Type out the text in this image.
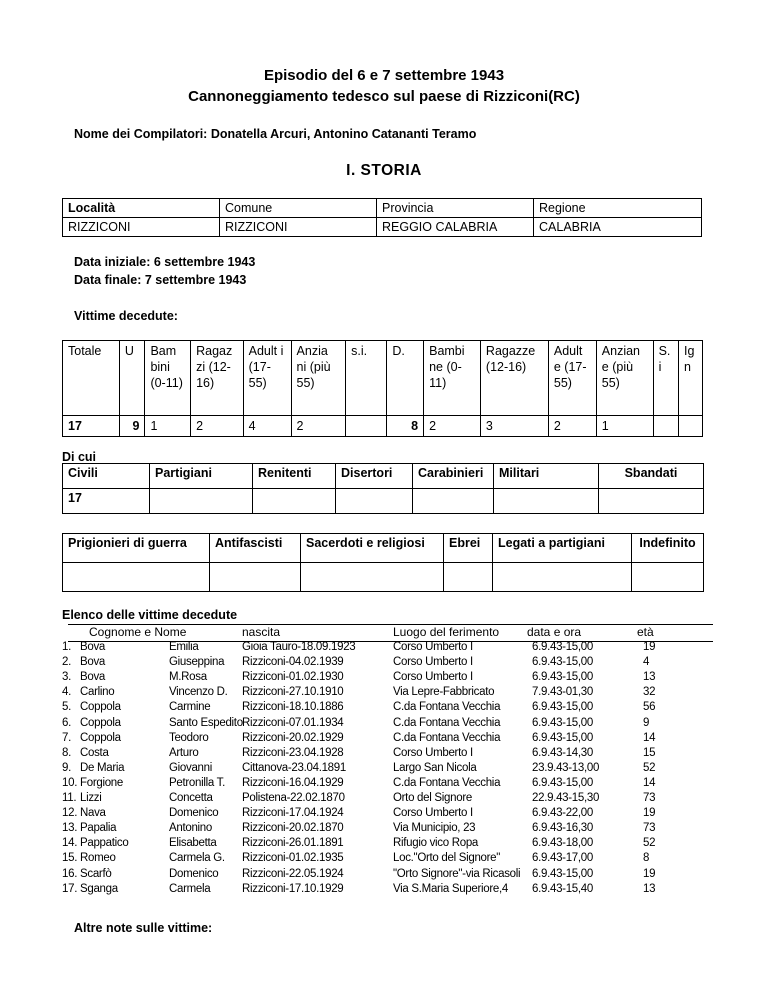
Episodio del 6 e 7 settembre 1943
Cannoneggiamento tedesco sul paese di Rizziconi(RC)
Nome dei Compilatori: Donatella Arcuri, Antonino Catananti Teramo
I. STORIA
Località	Comune	Provincia	Regione
RIZZICONI	RIZZICONI	REGGIO CALABRIA	CALABRIA
Data iniziale: 6 settembre 1943
Data finale: 7 settembre 1943
Vittime decedute:
Totale	U	Bam bini (0-11)	Ragaz zi (12-16)	Adult i (17-55)	Anzia ni (più 55)	s.i.	D.	Bambi ne (0-11)	Ragazze (12-16)	Adult e (17-55)	Anzian e (più 55)	S. i	Ig n
17	9	1	2	4	2		8	2	3	2	1		
Di cui
Civili	Partigiani	Renitenti	Disertori	Carabinieri	Militari	Sbandati
17						
Prigionieri di guerra	Antifascisti	Sacerdoti e religiosi	Ebrei	Legati a partigiani	Indefinito

Elenco delle vittime decedute
Cognome e Nome	nascita	Luogo del ferimento data e ora	età
1. Bova	Emilia	Gioia Tauro-18.09.1923	Corso Umberto I	6.9.43-15,00	19
2. Bova	Giuseppina Rizziconi-04.02.1939	Corso Umberto I	6.9.43-15,00	4
3. Bova	M.Rosa	Rizziconi-01.02.1930	Corso Umberto I	6.9.43-15,00	13
4. Carlino	Vincenzo D. Rizziconi-27.10.1910	Via Lepre-Fabbricato	7.9.43-01,30	32
5. Coppola	Carmine	Rizziconi-18.10.1886	C.da Fontana Vecchia	6.9.43-15,00	56
6. Coppola	Santo Espedito Rizziconi-07.01.1934	C.da Fontana Vecchia	6.9.43-15,00	9
7. Coppola	Teodoro	Rizziconi-20.02.1929	C.da Fontana Vecchia	6.9.43-15,00	14
8. Costa	Arturo	Rizziconi-23.04.1928	Corso Umberto I	6.9.43-14,30	15
9. De Maria	Giovanni	Cittanova-23.04.1891	Largo San Nicola	23.9.43-13,00	52
10. Forgione	Petronilla T. Rizziconi-16.04.1929	C.da Fontana Vecchia	6.9.43-15,00	14
11. Lizzi	Concetta	Polistena-22.02.1870	Orto del Signore	22.9.43-15,30	73
12. Nava	Domenico Rizziconi-17.04.1924	Corso Umberto I	6.9.43-22,00	19
13. Papalia	Antonino	Rizziconi-20.02.1870	Via Municipio, 23	6.9.43-16,30	73
14. Pappatico	Elisabetta Rizziconi-26.01.1891	Rifugio vico Ropa	6.9.43-18,00	52
15. Romeo	Carmela G. Rizziconi-01.02.1935	Loc."Orto del Signore"	6.9.43-17,00	8
16. Scarfò	Domenico Rizziconi-22.05.1924	"Orto Signore"-via Ricasoli 6.9.43-15,00	19
17. Sganga	Carmela	Rizziconi-17.10.1929	Via S.Maria Superiore,4 6.9.43-15,40	13
Altre note sulle vittime:
